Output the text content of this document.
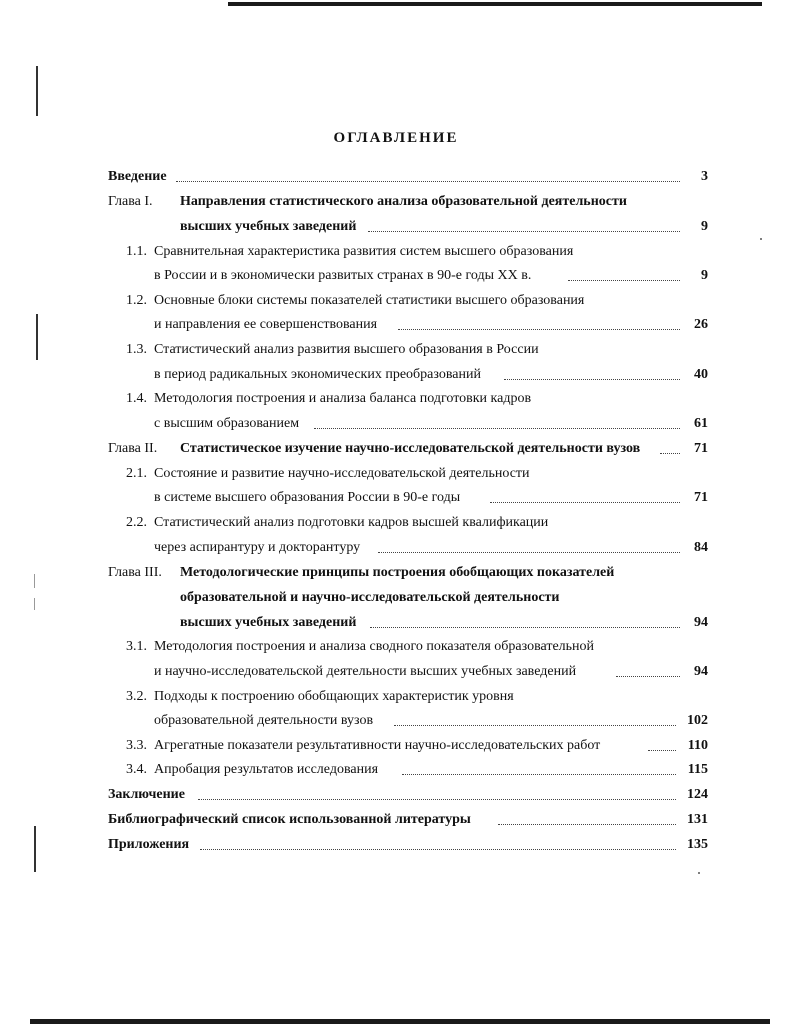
ОГЛАВЛЕНИЕ
Введение	3
Глава I. Направления статистического анализа образовательной деятельности
высших учебных заведений	9
1.1. Сравнительная характеристика развития систем высшего образования
в России и в экономически развитых странах в 90-е годы XX в.	9
1.2. Основные блоки системы показателей статистики высшего образования
и направления ее совершенствования	26
1.3. Статистический анализ развития высшего образования в России
в период радикальных экономических преобразований	40
1.4. Методология построения и анализа баланса подготовки кадров
с высшим образованием	61
Глава II. Статистическое изучение научно-исследовательской деятельности вузов	71
2.1. Состояние и развитие научно-исследовательской деятельности
в системе высшего образования России в 90-е годы	71
2.2. Статистический анализ подготовки кадров высшей квалификации
через аспирантуру и докторантуру	84
Глава III. Методологические принципы построения обобщающих показателей
образовательной и научно-исследовательской деятельности
высших учебных заведений	94
3.1. Методология построения и анализа сводного показателя образовательной
и научно-исследовательской деятельности высших учебных заведений	94
3.2. Подходы к построению обобщающих характеристик уровня
образовательной деятельности вузов	102
3.3. Агрегатные показатели результативности научно-исследовательских работ	110
3.4. Апробация результатов исследования	115
Заключение	124
Библиографический список использованной литературы	131
Приложения	135
